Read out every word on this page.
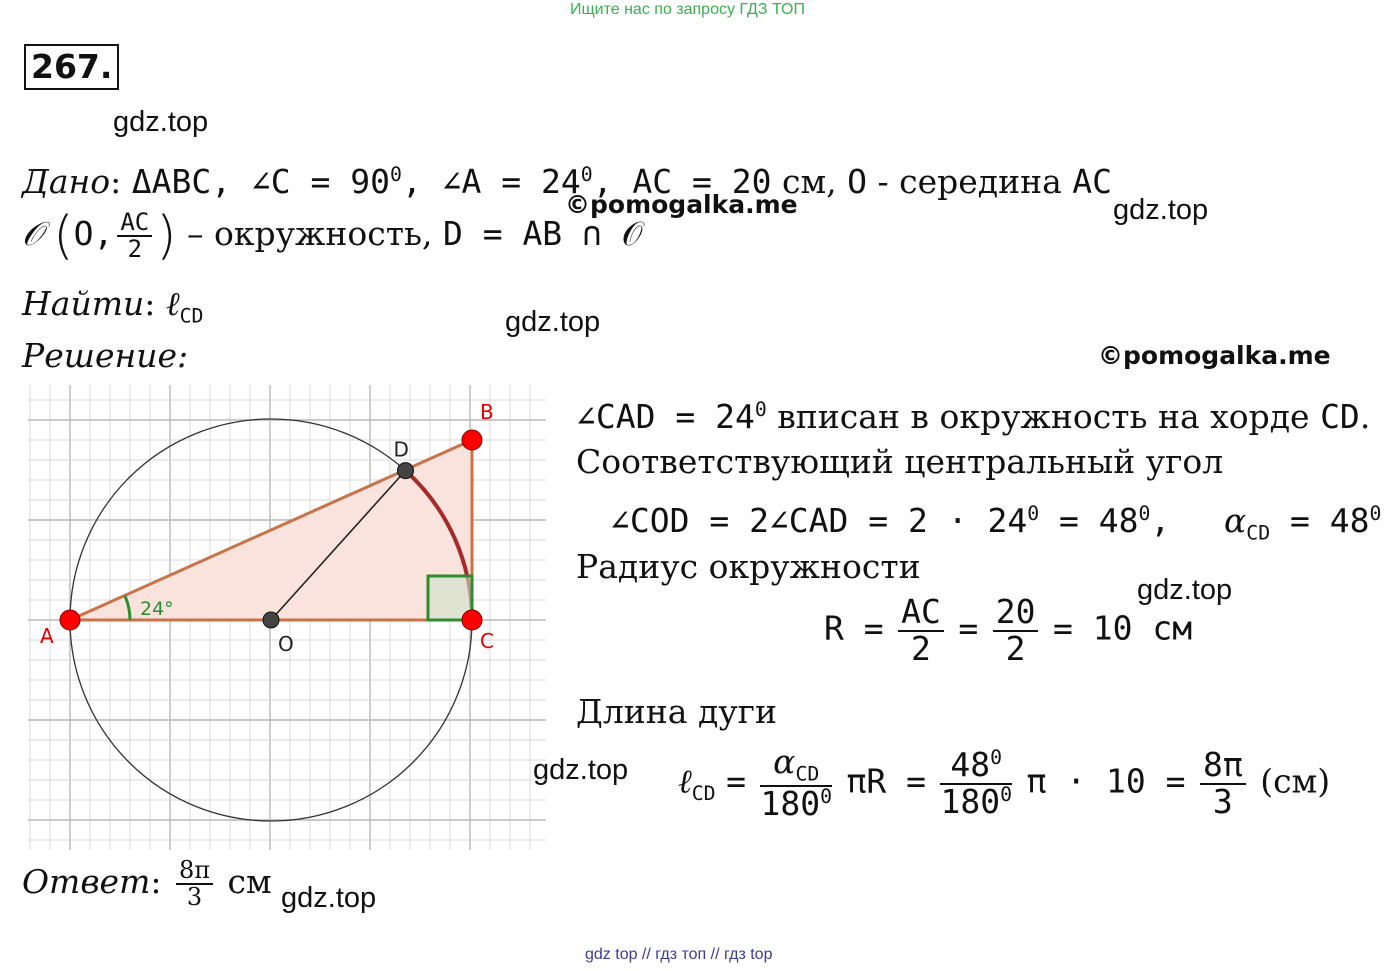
Ищите нас по запросу ГДЗ ТОП
267.
gdz.top
gdz.top
gdz.top
gdz.top
gdz.top
gdz.top
©pomogalka.me
©pomogalka.me
Дано: ΔABC, ∠C = $90^0$, ∠A = $24^0$, AC = 20 см, O - середина AC
𝒪 (O, $\frac{AC}{2}$ ) – окружность, D = AB ∩ 𝒪
Найти: ℓ$_{CD}$
Решение:
24°
A	C
B
O
D
∠CAD = $24^0$ вписан в окружность на хорде CD.
Соответствующий центральный угол
∠COD = 2∠CAD = $2 \cdot 24^0 = 48^0$, $\alpha_{CD} = 48^0$
Радиус окружности
$R = \frac{AC}{2} = \frac{20}{2} = 10$ см
Длина дуги
ℓ$_{CD}$ = $\frac{\alpha_{CD}}{180^0}$ $\pi R = \frac{48^0}{180^0}$ $\pi \cdot 10 = \frac{8\pi}{3} (см)$
Ответ: $\frac{8\pi}{3}$ см
gdz top // гдз топ // гдз top
